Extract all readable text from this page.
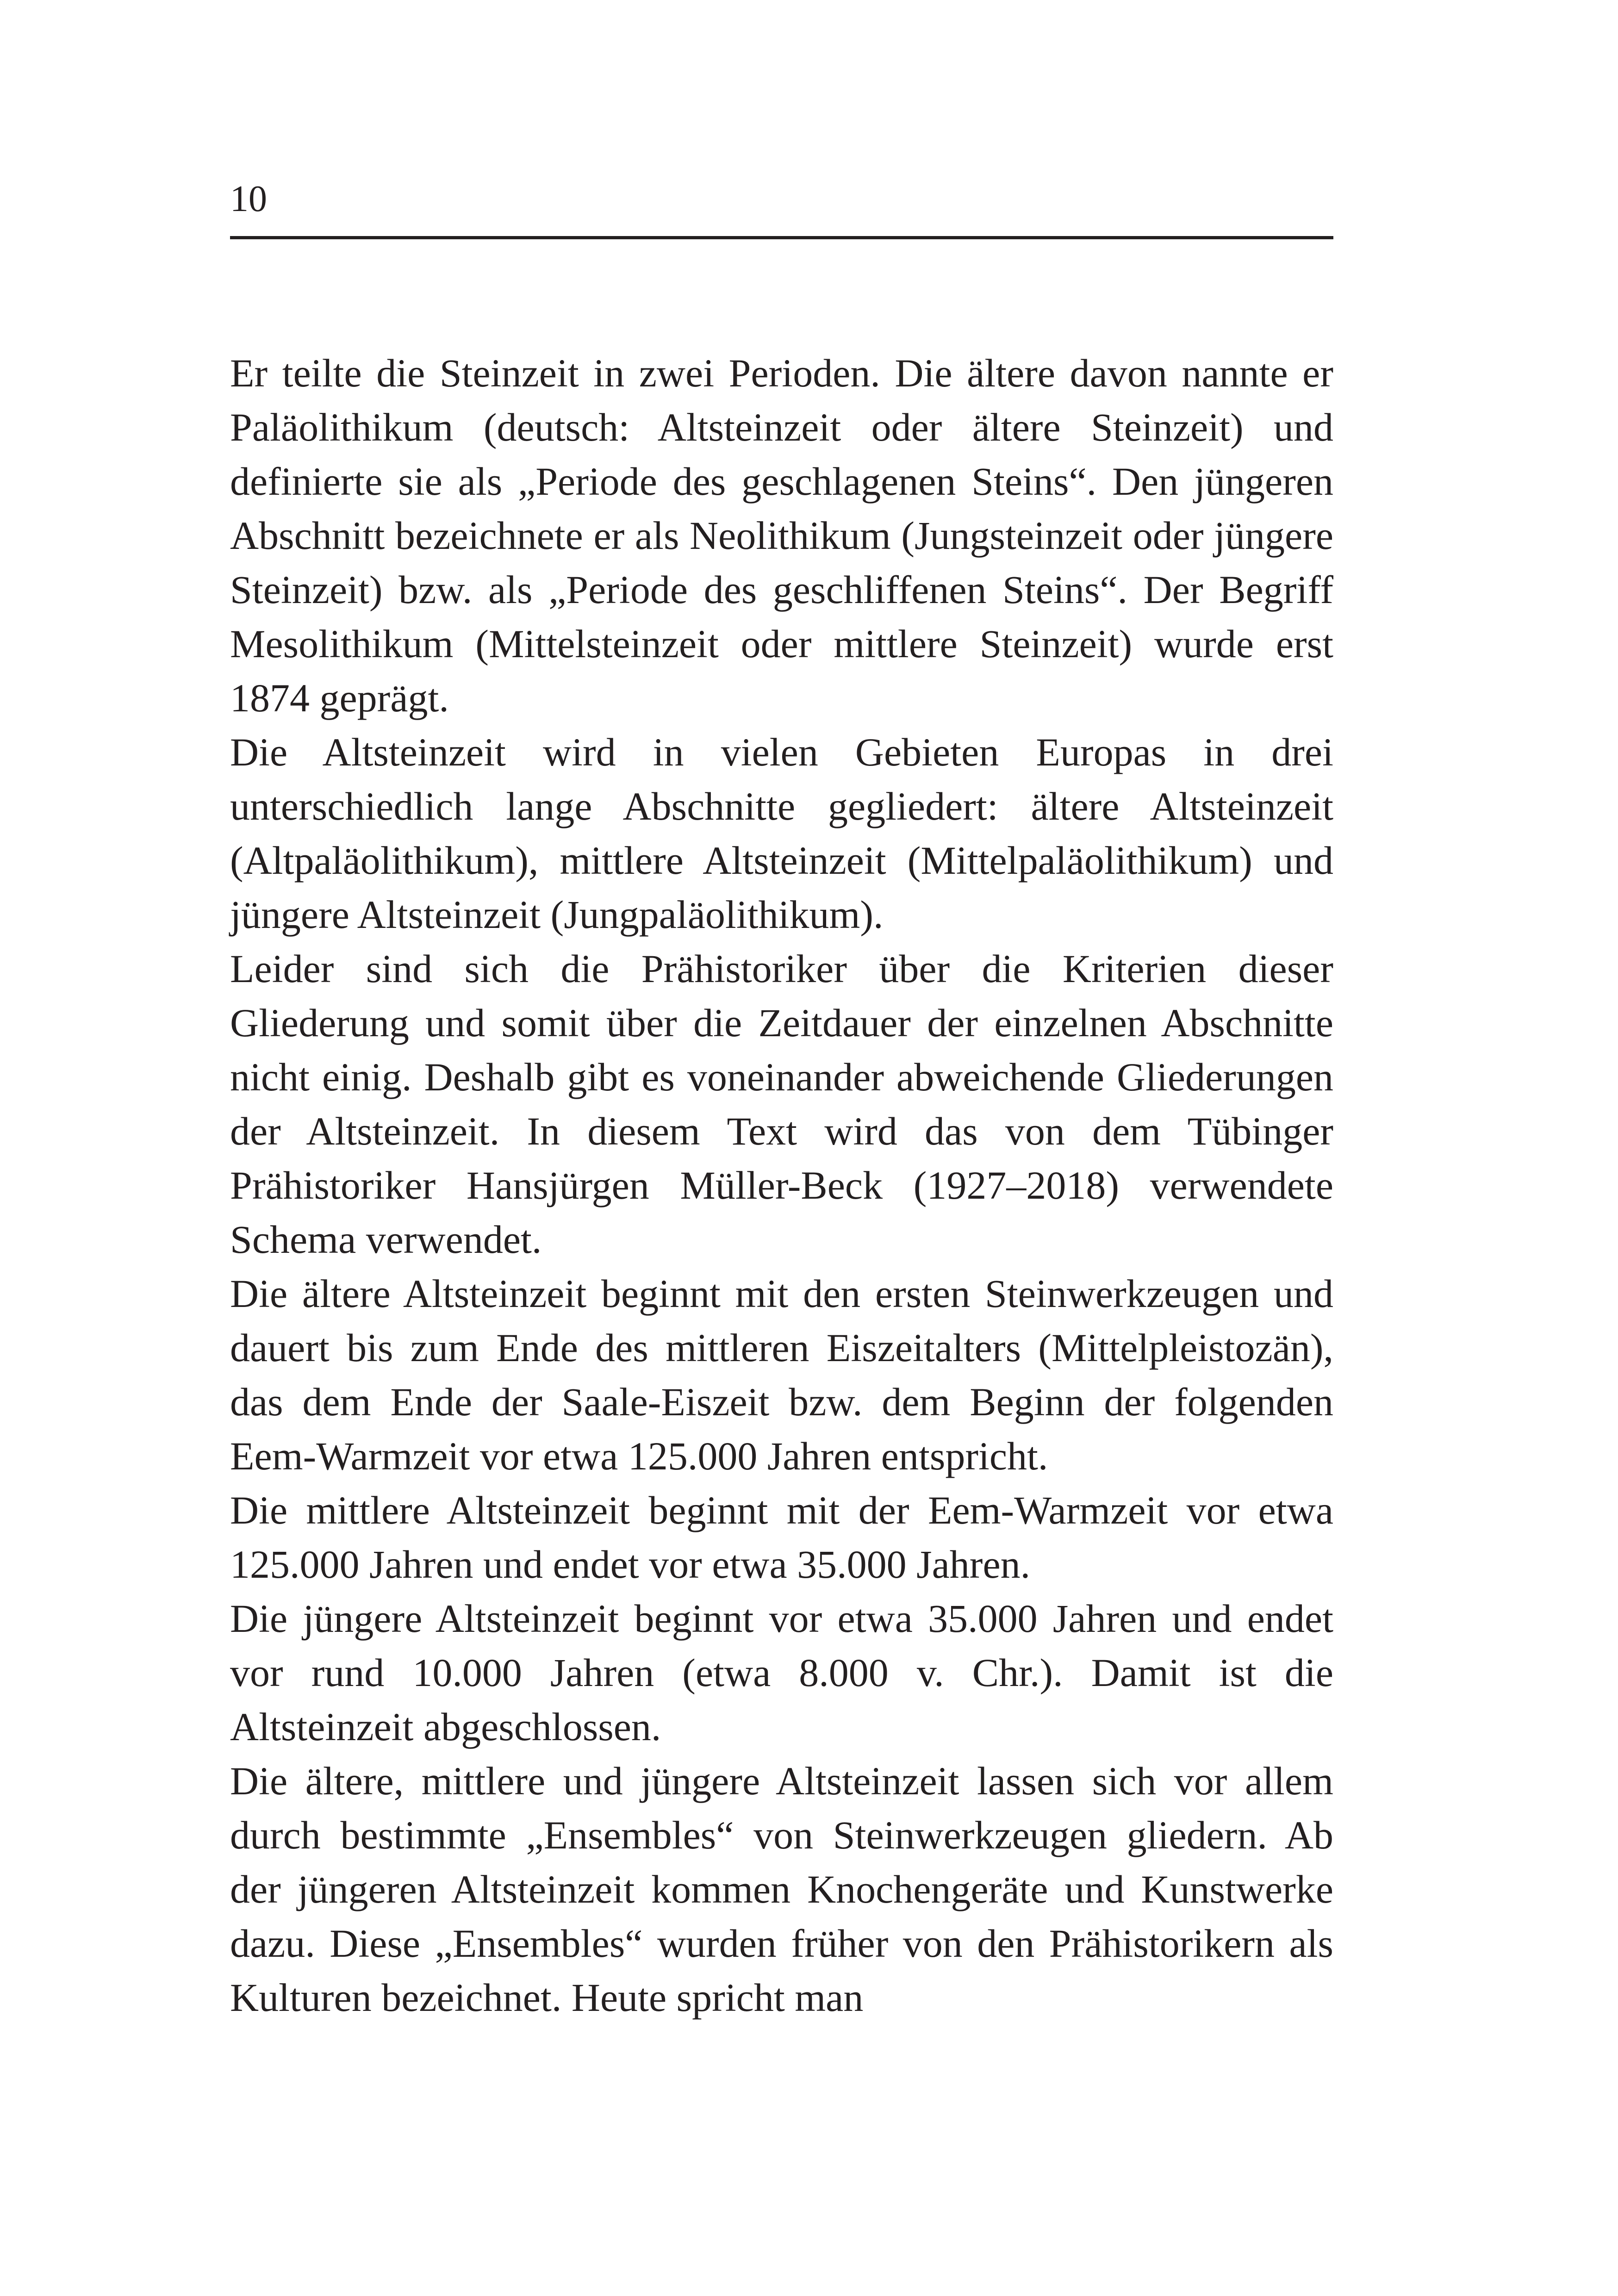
10

Er teilte die Steinzeit in zwei Perioden. Die ältere davon nannte er Paläolithikum (deutsch: Altsteinzeit oder ältere Steinzeit) und definierte sie als „Periode des geschlagenen Steins“. Den jüngeren Abschnitt bezeichnete er als Neolithikum (Jungsteinzeit oder jüngere Steinzeit) bzw. als „Periode des geschliffenen Steins“. Der Begriff Mesolithikum (Mittelsteinzeit oder mittlere Steinzeit) wurde erst 1874 geprägt.

Die Altsteinzeit wird in vielen Gebieten Europas in drei unterschiedlich lange Abschnitte gegliedert: ältere Altsteinzeit (Altpaläolithikum), mittlere Altsteinzeit (Mittelpaläolithikum) und jüngere Altsteinzeit (Jungpaläolithikum).

Leider sind sich die Prähistoriker über die Kriterien dieser Gliederung und somit über die Zeitdauer der einzelnen Abschnitte nicht einig. Deshalb gibt es voneinander abweichende Gliederungen der Altsteinzeit. In diesem Text wird das von dem Tübinger Prähistoriker Hansjürgen Müller-Beck (1927–2018) verwendete Schema verwendet.

Die ältere Altsteinzeit beginnt mit den ersten Steinwerkzeugen und dauert bis zum Ende des mittleren Eiszeitalters (Mittelpleistozän), das dem Ende der Saale-Eiszeit bzw. dem Beginn der folgenden Eem-Warmzeit vor etwa 125.000 Jahren entspricht.

Die mittlere Altsteinzeit beginnt mit der Eem-Warmzeit vor etwa 125.000 Jahren und endet vor etwa 35.000 Jahren.

Die jüngere Altsteinzeit beginnt vor etwa 35.000 Jahren und endet vor rund 10.000 Jahren (etwa 8.000 v. Chr.). Damit ist die Altsteinzeit abgeschlossen.

Die ältere, mittlere und jüngere Altsteinzeit lassen sich vor allem durch bestimmte „Ensembles“ von Steinwerkzeugen gliedern. Ab der jüngeren Altsteinzeit kommen Knochengeräte und Kunstwerke dazu. Diese „Ensembles“ wurden früher von den Prähistorikern als Kulturen bezeichnet. Heute spricht man
